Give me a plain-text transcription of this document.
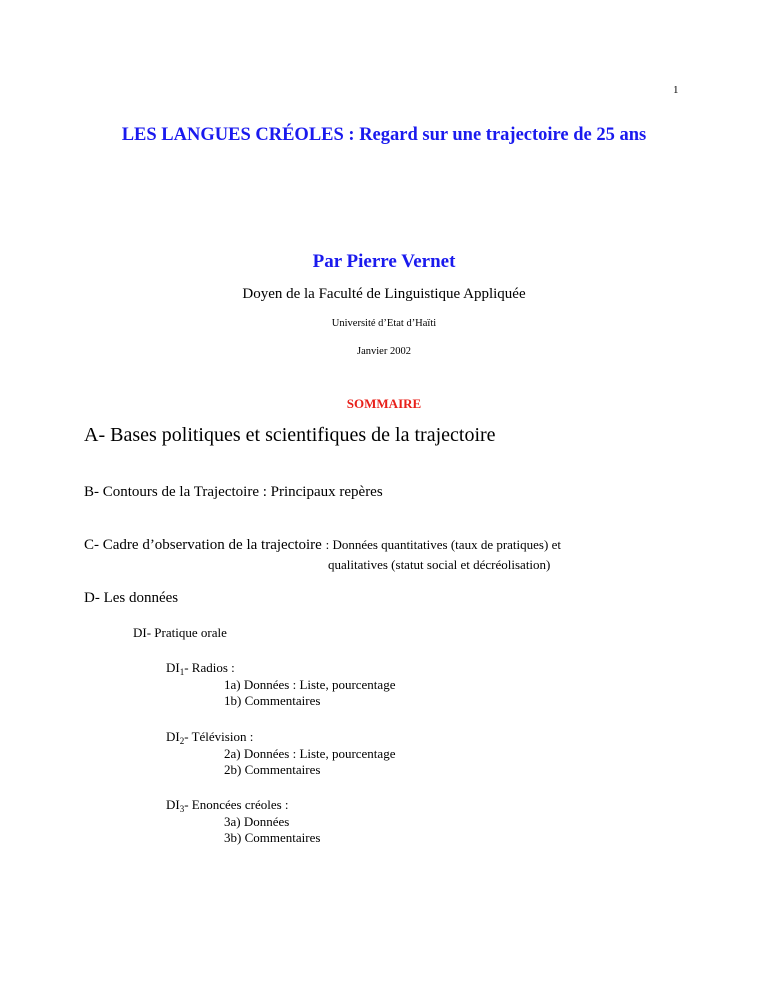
1
LES LANGUES CRÉOLES : Regard sur une trajectoire de 25 ans
Par Pierre Vernet
Doyen de la Faculté de Linguistique Appliquée
Université d’Etat d’Haïti
Janvier 2002
SOMMAIRE
A- Bases politiques et scientifiques de la trajectoire
B- Contours de la Trajectoire : Principaux repères
C- Cadre d’observation de la trajectoire : Données quantitatives (taux de pratiques) et
qualitatives (statut social et décréolisation)
D- Les données
DI- Pratique orale
$DI_1-$ Radios :
1a) Données : Liste, pourcentage
1b) Commentaires
$DI_2-$ Télévision :
2a) Données : Liste, pourcentage
2b) Commentaires
$DI_3-$ Enoncées créoles :
3a) Données
3b) Commentaires
